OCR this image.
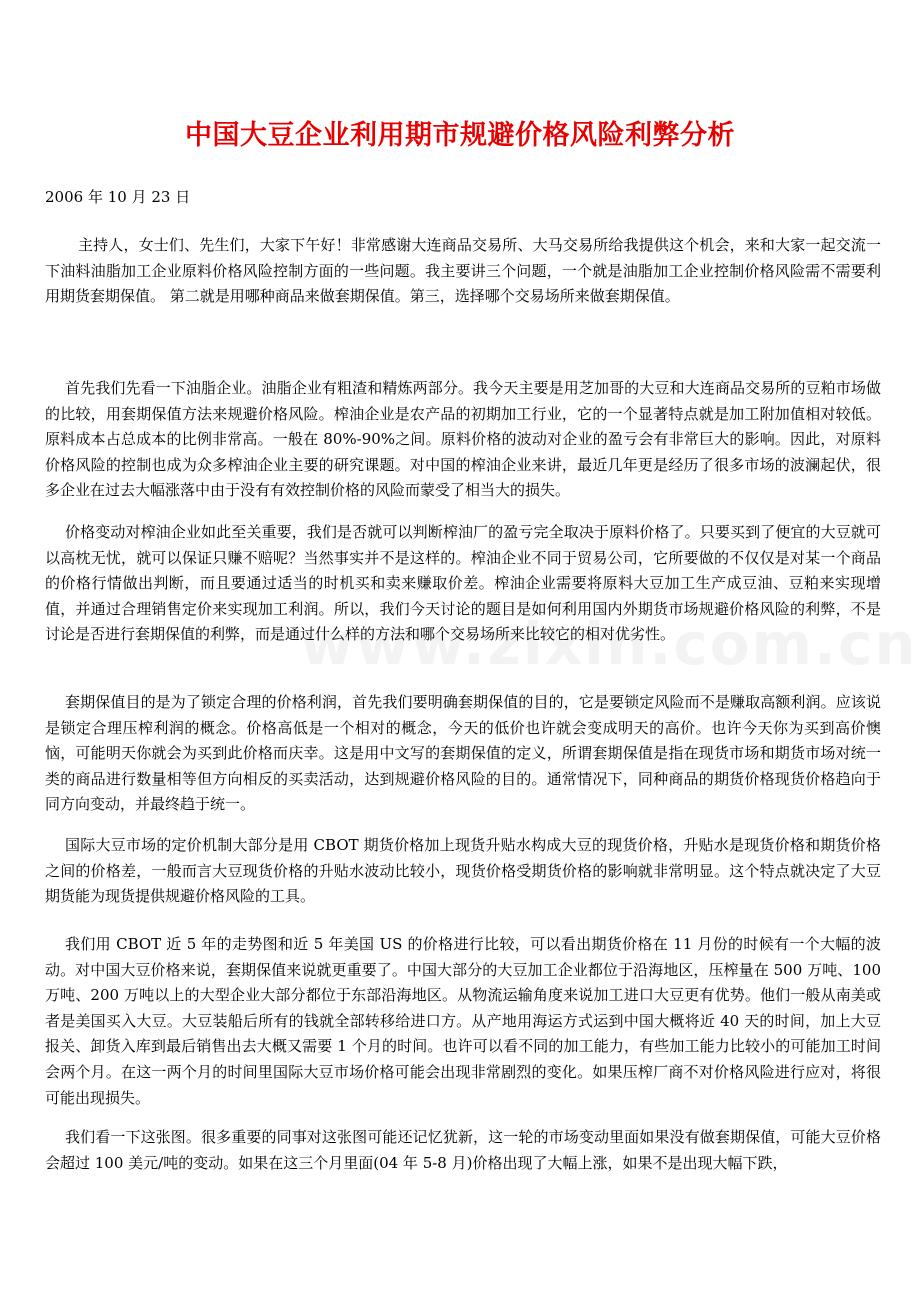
中国大豆企业利用期市规避价格风险利弊分析
2006 年 10 月 23 日

主持人，女士们、先生们，大家下午好！非常感谢大连商品交易所、大马交易所给我提供这个机会，来和大家一起交流一下油料油脂加工企业原料价格风险控制方面的一些问题。我主要讲三个问题，一个就是油脂加工企业控制价格风险需不需要利用期货套期保值。 第二就是用哪种商品来做套期保值。第三，选择哪个交易场所来做套期保值。

首先我们先看一下油脂企业。油脂企业有粗渣和精炼两部分。我今天主要是用芝加哥的大豆和大连商品交易所的豆粕市场做的比较，用套期保值方法来规避价格风险。榨油企业是农产品的初期加工行业，它的一个显著特点就是加工附加值相对较低。原料成本占总成本的比例非常高。一般在 80%-90%之间。原料价格的波动对企业的盈亏会有非常巨大的影响。因此，对原料价格风险的控制也成为众多榨油企业主要的研究课题。对中国的榨油企业来讲，最近几年更是经历了很多市场的波澜起伏，很多企业在过去大幅涨落中由于没有有效控制价格的风险而蒙受了相当大的损失。

价格变动对榨油企业如此至关重要，我们是否就可以判断榨油厂的盈亏完全取决于原料价格了。只要买到了便宜的大豆就可以高枕无忧，就可以保证只赚不赔呢？当然事实并不是这样的。榨油企业不同于贸易公司，它所要做的不仅仅是对某一个商品的价格行情做出判断，而且要通过适当的时机买和卖来赚取价差。榨油企业需要将原料大豆加工生产成豆油、豆粕来实现增值，并通过合理销售定价来实现加工利润。所以，我们今天讨论的题目是如何利用国内外期货市场规避价格风险的利弊，不是讨论是否进行套期保值的利弊，而是通过什么样的方法和哪个交易场所来比较它的相对优劣性。

套期保值目的是为了锁定合理的价格利润，首先我们要明确套期保值的目的，它是要锁定风险而不是赚取高额利润。应该说是锁定合理压榨利润的概念。价格高低是一个相对的概念，今天的低价也许就会变成明天的高价。也许今天你为买到高价懊恼，可能明天你就会为买到此价格而庆幸。这是用中文写的套期保值的定义，所谓套期保值是指在现货市场和期货市场对统一类的商品进行数量相等但方向相反的买卖活动，达到规避价格风险的目的。通常情况下，同种商品的期货价格现货价格趋向于同方向变动，并最终趋于统一。

国际大豆市场的定价机制大部分是用 CBOT 期货价格加上现货升贴水构成大豆的现货价格，升贴水是现货价格和期货价格之间的价格差，一般而言大豆现货价格的升贴水波动比较小，现货价格受期货价格的影响就非常明显。这个特点就决定了大豆期货能为现货提供规避价格风险的工具。

我们用 CBOT 近 5 年的走势图和近 5 年美国 US 的价格进行比较，可以看出期货价格在 11 月份的时候有一个大幅的波动。对中国大豆价格来说，套期保值来说就更重要了。中国大部分的大豆加工企业都位于沿海地区，压榨量在 500 万吨、100 万吨、200 万吨以上的大型企业大部分都位于东部沿海地区。从物流运输角度来说加工进口大豆更有优势。他们一般从南美或者是美国买入大豆。大豆装船后所有的钱就全部转移给进口方。从产地用海运方式运到中国大概将近 40 天的时间，加上大豆报关、卸货入库到最后销售出去大概又需要 1 个月的时间。也许可以看不同的加工能力，有些加工能力比较小的可能加工时间会两个月。在这一两个月的时间里国际大豆市场价格可能会出现非常剧烈的变化。如果压榨厂商不对价格风险进行应对，将很可能出现损失。

我们看一下这张图。很多重要的同事对这张图可能还记忆犹新，这一轮的市场变动里面如果没有做套期保值，可能大豆价格会超过 100 美元/吨的变动。如果在这三个月里面(04 年 5-8 月)价格出现了大幅上涨，如果不是出现大幅下跌，
